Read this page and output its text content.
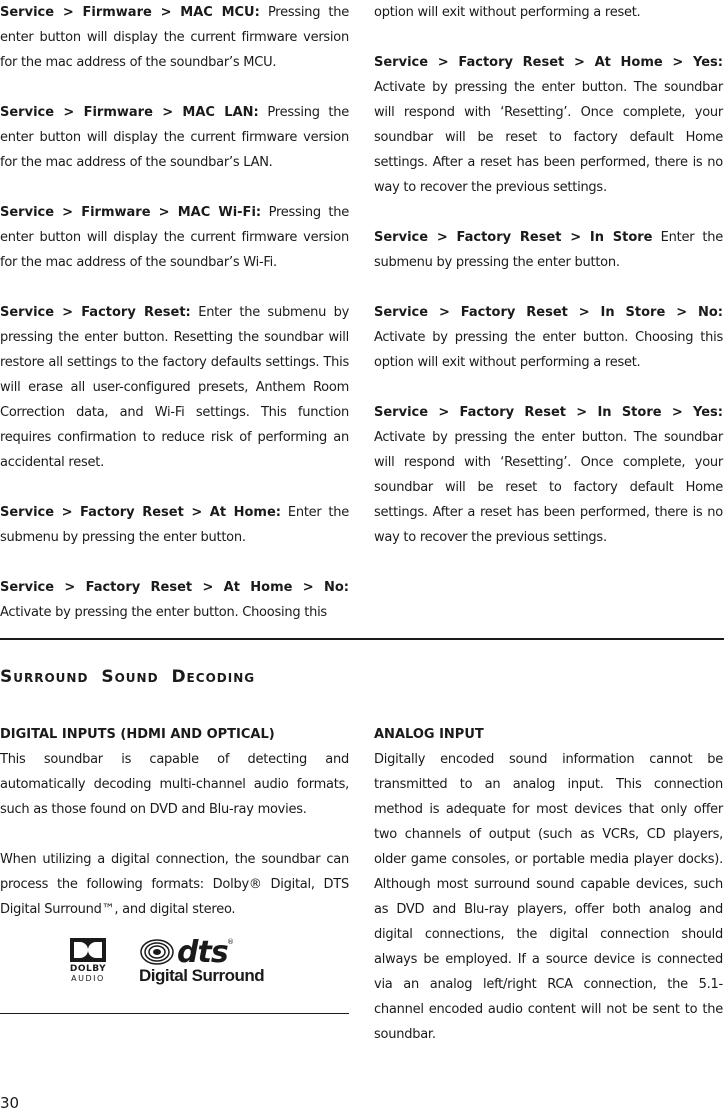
Service > Firmware > MAC MCU: Pressing the enter button will display the current firmware version for the mac address of the soundbar’s MCU.

Service > Firmware > MAC LAN: Pressing the enter button will display the current firmware version for the mac address of the soundbar’s LAN.

Service > Firmware > MAC Wi-Fi: Pressing the enter button will display the current firmware version for the mac address of the soundbar’s Wi-Fi.

Service > Factory Reset: Enter the submenu by pressing the enter button. Resetting the soundbar will restore all settings to the factory defaults settings. This will erase all user-configured presets, Anthem Room Correction data, and Wi-Fi settings. This function requires confirmation to reduce risk of performing an accidental reset.

Service > Factory Reset > At Home: Enter the submenu by pressing the enter button.

Service > Factory Reset > At Home > No: Activate by pressing the enter button. Choosing this

option will exit without performing a reset.

Service > Factory Reset > At Home > Yes: Activate by pressing the enter button. The soundbar will respond with ‘Resetting’. Once complete, your soundbar will be reset to factory default Home settings. After a reset has been performed, there is no way to recover the previous settings.

Service > Factory Reset > In Store Enter the submenu by pressing the enter button.

Service > Factory Reset > In Store > No: Activate by pressing the enter button. Choosing this option will exit without performing a reset.

Service > Factory Reset > In Store > Yes: Activate by pressing the enter button. The soundbar will respond with ‘Resetting’. Once complete, your soundbar will be reset to factory default Home settings. After a reset has been performed, there is no way to recover the previous settings.

Surround Sound Decoding

DIGITAL INPUTS (HDMI AND OPTICAL)

This soundbar is capable of detecting and automatically decoding multi-channel audio formats, such as those found on DVD and Blu-ray movies.

When utilizing a digital connection, the soundbar can process the following formats: Dolby® Digital, DTS Digital Surround™, and digital stereo.

DOLBY
AUDIO
dts ®
Digital Surround

ANALOG INPUT

Digitally encoded sound information cannot be transmitted to an analog input. This connection method is adequate for most devices that only offer two channels of output (such as VCRs, CD players, older game consoles, or portable media player docks). Although most surround sound capable devices, such as DVD and Blu-ray players, offer both analog and digital connections, the digital connection should always be employed. If a source device is connected via an analog left/right RCA connection, the 5.1-channel encoded audio content will not be sent to the soundbar.

30
